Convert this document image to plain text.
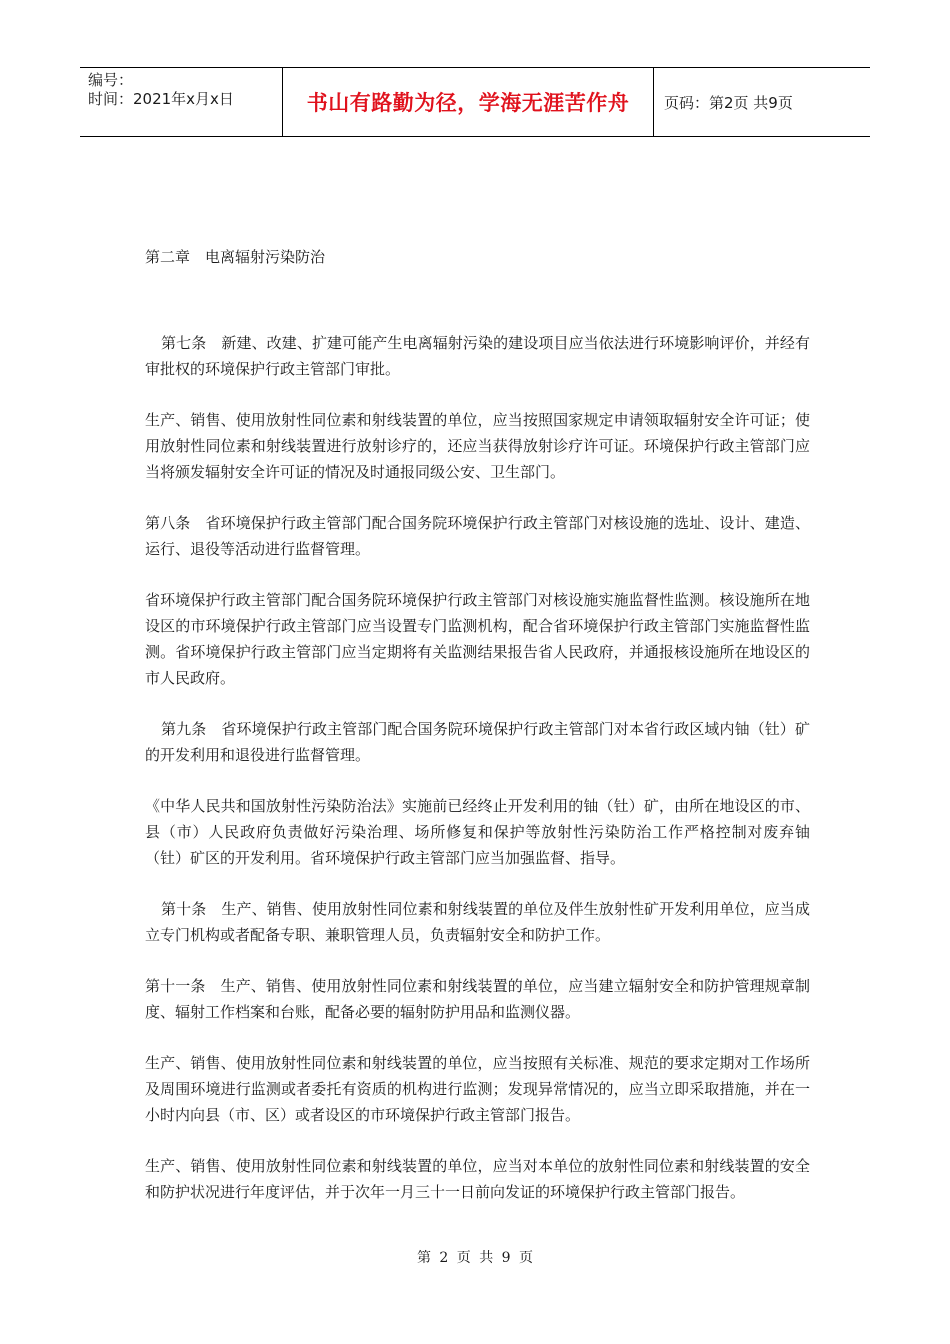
编号：
时间：2021年x月x日	书山有路勤为径，学海无涯苦作舟 页码：第2页 共9页

第二章　电离辐射污染防治

第七条　新建、改建、扩建可能产生电离辐射污染的建设项目应当依法进行环境影响评价，并经有审批权的环境保护行政主管部门审批。

生产、销售、使用放射性同位素和射线装置的单位，应当按照国家规定申请领取辐射安全许可证；使用放射性同位素和射线装置进行放射诊疗的，还应当获得放射诊疗许可证。环境保护行政主管部门应当将颁发辐射安全许可证的情况及时通报同级公安、卫生部门。

第八条　省环境保护行政主管部门配合国务院环境保护行政主管部门对核设施的选址、设计、建造、运行、退役等活动进行监督管理。

省环境保护行政主管部门配合国务院环境保护行政主管部门对核设施实施监督性监测。核设施所在地设区的市环境保护行政主管部门应当设置专门监测机构，配合省环境保护行政主管部门实施监督性监测。省环境保护行政主管部门应当定期将有关监测结果报告省人民政府，并通报核设施所在地设区的市人民政府。

第九条　省环境保护行政主管部门配合国务院环境保护行政主管部门对本省行政区域内铀（钍）矿的开发利用和退役进行监督管理。

《中华人民共和国放射性污染防治法》实施前已经终止开发利用的铀（钍）矿，由所在地设区的市、县（市）人民政府负责做好污染治理、场所修复和保护等放射性污染防治工作严格控制对废弃铀（钍）矿区的开发利用。省环境保护行政主管部门应当加强监督、指导。

第十条　生产、销售、使用放射性同位素和射线装置的单位及伴生放射性矿开发利用单位，应当成立专门机构或者配备专职、兼职管理人员，负责辐射安全和防护工作。

第十一条　生产、销售、使用放射性同位素和射线装置的单位，应当建立辐射安全和防护管理规章制度、辐射工作档案和台账，配备必要的辐射防护用品和监测仪器。

生产、销售、使用放射性同位素和射线装置的单位，应当按照有关标准、规范的要求定期对工作场所及周围环境进行监测或者委托有资质的机构进行监测；发现异常情况的，应当立即采取措施，并在一小时内向县（市、区）或者设区的市环境保护行政主管部门报告。

生产、销售、使用放射性同位素和射线装置的单位，应当对本单位的放射性同位素和射线装置的安全和防护状况进行年度评估，并于次年一月三十一日前向发证的环境保护行政主管部门报告。

第 2 页 共 9 页
